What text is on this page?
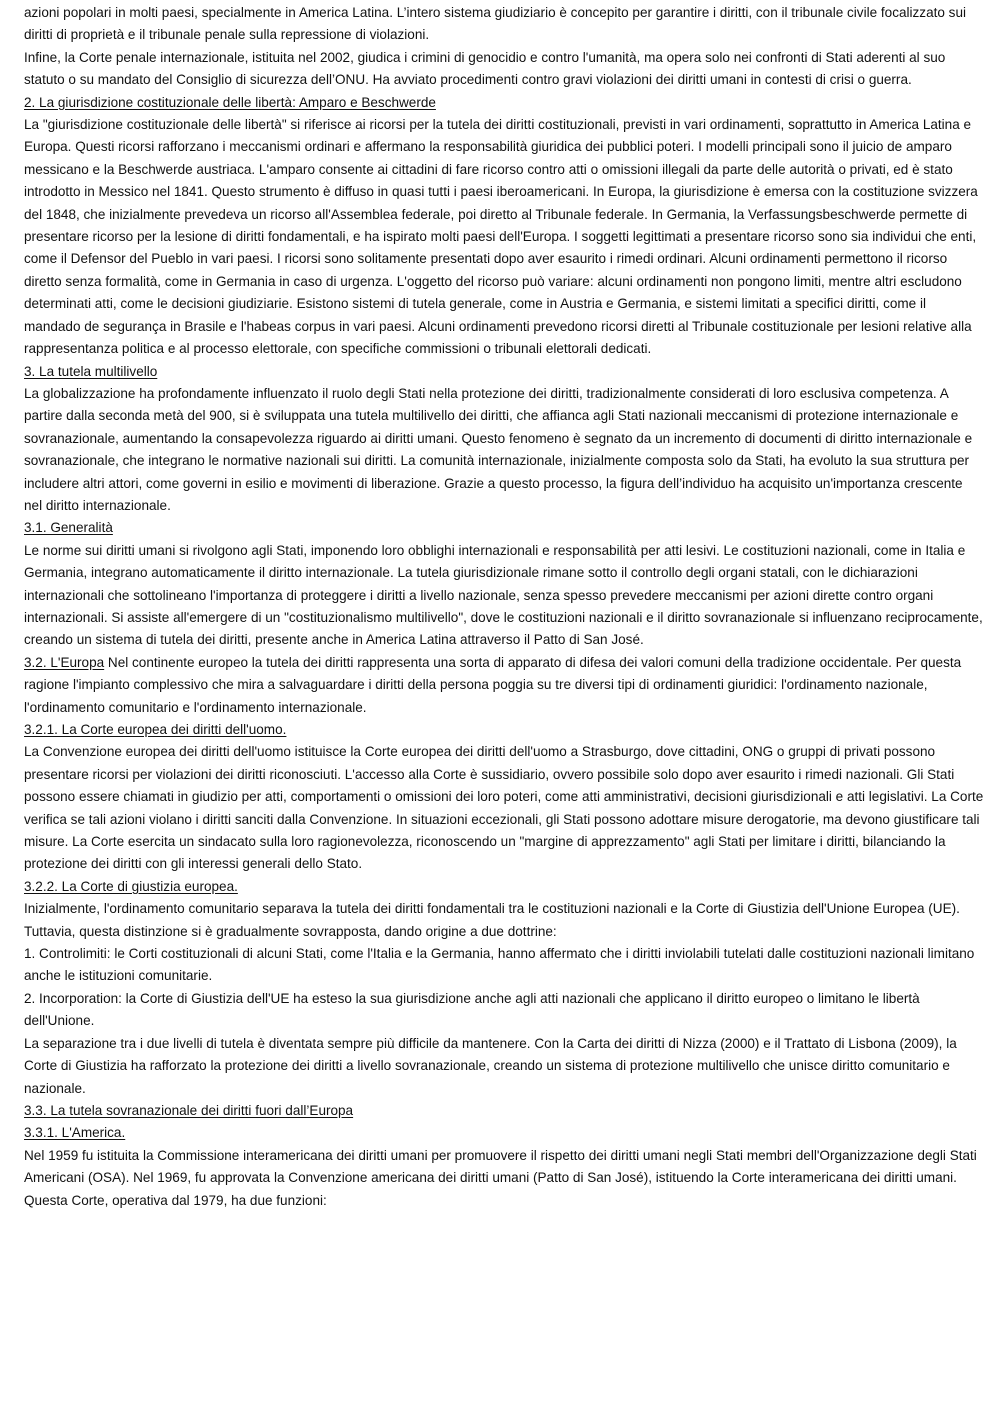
azioni popolari in molti paesi, specialmente in America Latina. L’intero sistema giudiziario è concepito per garantire i diritti, con il tribunale civile focalizzato sui diritti di proprietà e il tribunale penale sulla repressione di violazioni.

Infine, la Corte penale internazionale, istituita nel 2002, giudica i crimini di genocidio e contro l'umanità, ma opera solo nei confronti di Stati aderenti al suo statuto o su mandato del Consiglio di sicurezza dell’ONU. Ha avviato procedimenti contro gravi violazioni dei diritti umani in contesti di crisi o guerra.

2. La giurisdizione costituzionale delle libertà: Amparo e Beschwerde

La "giurisdizione costituzionale delle libertà" si riferisce ai ricorsi per la tutela dei diritti costituzionali, previsti in vari ordinamenti, soprattutto in America Latina e Europa. Questi ricorsi rafforzano i meccanismi ordinari e affermano la responsabilità giuridica dei pubblici poteri. I modelli principali sono il juicio de amparo messicano e la Beschwerde austriaca. L'amparo consente ai cittadini di fare ricorso contro atti o omissioni illegali da parte delle autorità o privati, ed è stato introdotto in Messico nel 1841. Questo strumento è diffuso in quasi tutti i paesi iberoamericani. In Europa, la giurisdizione è emersa con la costituzione svizzera del 1848, che inizialmente prevedeva un ricorso all'Assemblea federale, poi diretto al Tribunale federale. In Germania, la Verfassungsbeschwerde permette di presentare ricorso per la lesione di diritti fondamentali, e ha ispirato molti paesi dell'Europa. I soggetti legittimati a presentare ricorso sono sia individui che enti, come il Defensor del Pueblo in vari paesi. I ricorsi sono solitamente presentati dopo aver esaurito i rimedi ordinari. Alcuni ordinamenti permettono il ricorso diretto senza formalità, come in Germania in caso di urgenza. L'oggetto del ricorso può variare: alcuni ordinamenti non pongono limiti, mentre altri escludono determinati atti, come le decisioni giudiziarie. Esistono sistemi di tutela generale, come in Austria e Germania, e sistemi limitati a specifici diritti, come il mandado de segurança in Brasile e l'habeas corpus in vari paesi. Alcuni ordinamenti prevedono ricorsi diretti al Tribunale costituzionale per lesioni relative alla rappresentanza politica e al processo elettorale, con specifiche commissioni o tribunali elettorali dedicati.

3. La tutela multilivello

La globalizzazione ha profondamente influenzato il ruolo degli Stati nella protezione dei diritti, tradizionalmente considerati di loro esclusiva competenza. A partire dalla seconda metà del 900, si è sviluppata una tutela multilivello dei diritti, che affianca agli Stati nazionali meccanismi di protezione internazionale e sovranazionale, aumentando la consapevolezza riguardo ai diritti umani. Questo fenomeno è segnato da un incremento di documenti di diritto internazionale e sovranazionale, che integrano le normative nazionali sui diritti. La comunità internazionale, inizialmente composta solo da Stati, ha evoluto la sua struttura per includere altri attori, come governi in esilio e movimenti di liberazione. Grazie a questo processo, la figura dell’individuo ha acquisito un'importanza crescente nel diritto internazionale.

3.1. Generalità

Le norme sui diritti umani si rivolgono agli Stati, imponendo loro obblighi internazionali e responsabilità per atti lesivi. Le costituzioni nazionali, come in Italia e Germania, integrano automaticamente il diritto internazionale. La tutela giurisdizionale rimane sotto il controllo degli organi statali, con le dichiarazioni internazionali che sottolineano l'importanza di proteggere i diritti a livello nazionale, senza spesso prevedere meccanismi per azioni dirette contro organi internazionali. Si assiste all'emergere di un "costituzionalismo multilivello", dove le costituzioni nazionali e il diritto sovranazionale si influenzano reciprocamente, creando un sistema di tutela dei diritti, presente anche in America Latina attraverso il Patto di San José.

3.2. L'Europa Nel continente europeo la tutela dei diritti rappresenta una sorta di apparato di difesa dei valori comuni della tradizione occidentale. Per questa ragione l'impianto complessivo che mira a salvaguardare i diritti della persona poggia su tre diversi tipi di ordinamenti giuridici: l'ordinamento nazionale, l'ordinamento comunitario e l'ordinamento internazionale.

3.2.1. La Corte europea dei diritti dell'uomo.

La Convenzione europea dei diritti dell'uomo istituisce la Corte europea dei diritti dell'uomo a Strasburgo, dove cittadini, ONG o gruppi di privati possono presentare ricorsi per violazioni dei diritti riconosciuti. L'accesso alla Corte è sussidiario, ovvero possibile solo dopo aver esaurito i rimedi nazionali. Gli Stati possono essere chiamati in giudizio per atti, comportamenti o omissioni dei loro poteri, come atti amministrativi, decisioni giurisdizionali e atti legislativi. La Corte verifica se tali azioni violano i diritti sanciti dalla Convenzione. In situazioni eccezionali, gli Stati possono adottare misure derogatorie, ma devono giustificare tali misure. La Corte esercita un sindacato sulla loro ragionevolezza, riconoscendo un "margine di apprezzamento" agli Stati per limitare i diritti, bilanciando la protezione dei diritti con gli interessi generali dello Stato.

3.2.2. La Corte di giustizia europea.

Inizialmente, l'ordinamento comunitario separava la tutela dei diritti fondamentali tra le costituzioni nazionali e la Corte di Giustizia dell'Unione Europea (UE). Tuttavia, questa distinzione si è gradualmente sovrapposta, dando origine a due dottrine:

1. Controlimiti: le Corti costituzionali di alcuni Stati, come l'Italia e la Germania, hanno affermato che i diritti inviolabili tutelati dalle costituzioni nazionali limitano anche le istituzioni comunitarie.

2. Incorporation: la Corte di Giustizia dell'UE ha esteso la sua giurisdizione anche agli atti nazionali che applicano il diritto europeo o limitano le libertà dell'Unione.

La separazione tra i due livelli di tutela è diventata sempre più difficile da mantenere. Con la Carta dei diritti di Nizza (2000) e il Trattato di Lisbona (2009), la Corte di Giustizia ha rafforzato la protezione dei diritti a livello sovranazionale, creando un sistema di protezione multilivello che unisce diritto comunitario e nazionale.

3.3. La tutela sovranazionale dei diritti fuori dall’Europa

3.3.1. L'America.

Nel 1959 fu istituita la Commissione interamericana dei diritti umani per promuovere il rispetto dei diritti umani negli Stati membri dell'Organizzazione degli Stati Americani (OSA). Nel 1969, fu approvata la Convenzione americana dei diritti umani (Patto di San José), istituendo la Corte interamericana dei diritti umani. Questa Corte, operativa dal 1979, ha due funzioni:
